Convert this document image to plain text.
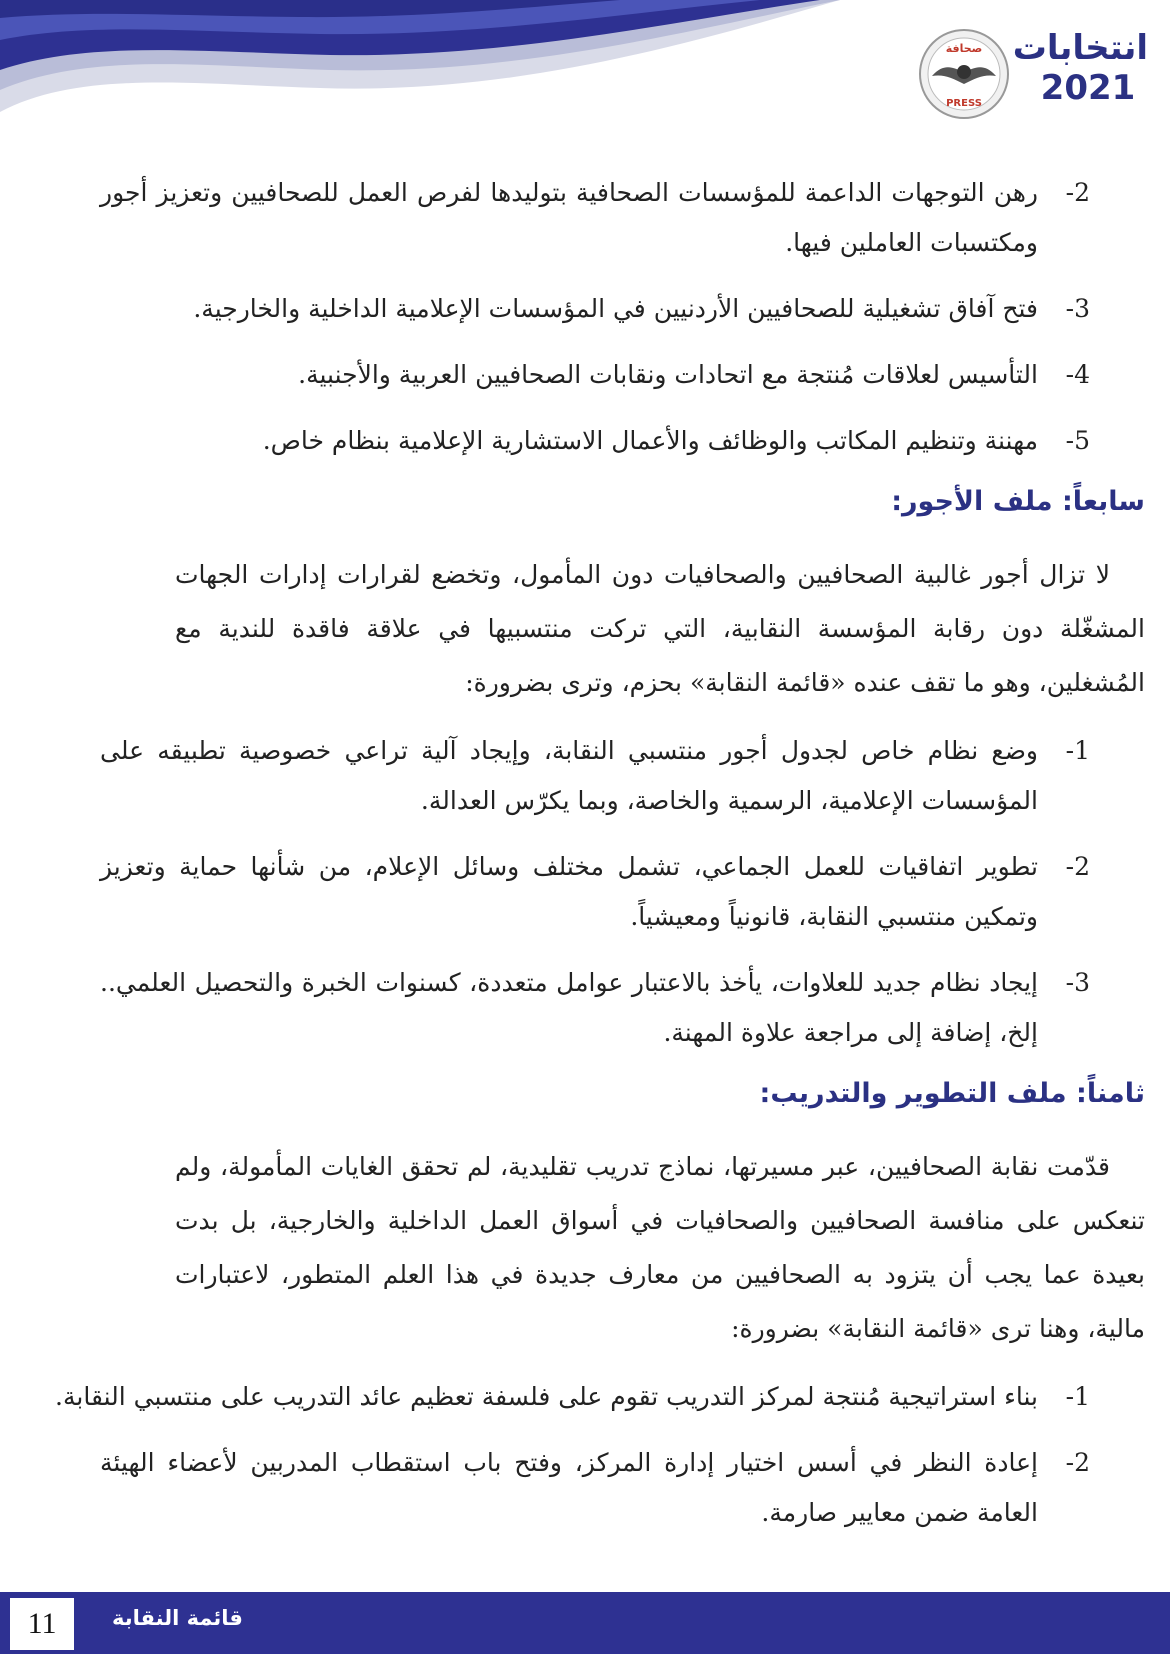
صحافة
PRESS
انتخابات
2021
2-
رهن التوجهات الداعمة للمؤسسات الصحافية بتوليدها لفرص العمل للصحافيين وتعزيز أجور ومكتسبات العاملين فيها.
3-
فتح آفاق تشغيلية للصحافيين الأردنيين في المؤسسات الإعلامية الداخلية والخارجية.
4-
التأسيس لعلاقات مُنتجة مع اتحادات ونقابات الصحافيين العربية والأجنبية.
5-
مهننة وتنظيم المكاتب والوظائف والأعمال الاستشارية الإعلامية بنظام خاص.
سابعاً: ملف الأجور:
لا تزال أجور غالبية الصحافيين والصحافيات دون المأمول، وتخضع لقرارات إدارات الجهات المشغّلة دون رقابة المؤسسة النقابية، التي تركت منتسبيها في علاقة فاقدة للندية مع المُشغلين، وهو ما تقف عنده «قائمة النقابة» بحزم، وترى بضرورة:
1-
وضع نظام خاص لجدول أجور منتسبي النقابة، وإيجاد آلية تراعي خصوصية تطبيقه على المؤسسات الإعلامية، الرسمية والخاصة، وبما يكرّس العدالة.
2-
تطوير اتفاقيات للعمل الجماعي، تشمل مختلف وسائل الإعلام، من شأنها حماية وتعزيز وتمكين منتسبي النقابة، قانونياً ومعيشياً.
3-
إيجاد نظام جديد للعلاوات، يأخذ بالاعتبار عوامل متعددة، كسنوات الخبرة والتحصيل العلمي.. إلخ، إضافة إلى مراجعة علاوة المهنة.
ثامناً: ملف التطوير والتدريب:
قدّمت نقابة الصحافيين، عبر مسيرتها، نماذج تدريب تقليدية، لم تحقق الغايات المأمولة، ولم تنعكس على منافسة الصحافيين والصحافيات في أسواق العمل الداخلية والخارجية، بل بدت بعيدة عما يجب أن يتزود به الصحافيين من معارف جديدة في هذا العلم المتطور، لاعتبارات مالية، وهنا ترى «قائمة النقابة» بضرورة:
1-
بناء استراتيجية مُنتجة لمركز التدريب تقوم على فلسفة تعظيم عائد التدريب على منتسبي النقابة.
2-
إعادة النظر في أسس اختيار إدارة المركز، وفتح باب استقطاب المدربين لأعضاء الهيئة العامة ضمن معايير صارمة.
11	قائمة النقابة
